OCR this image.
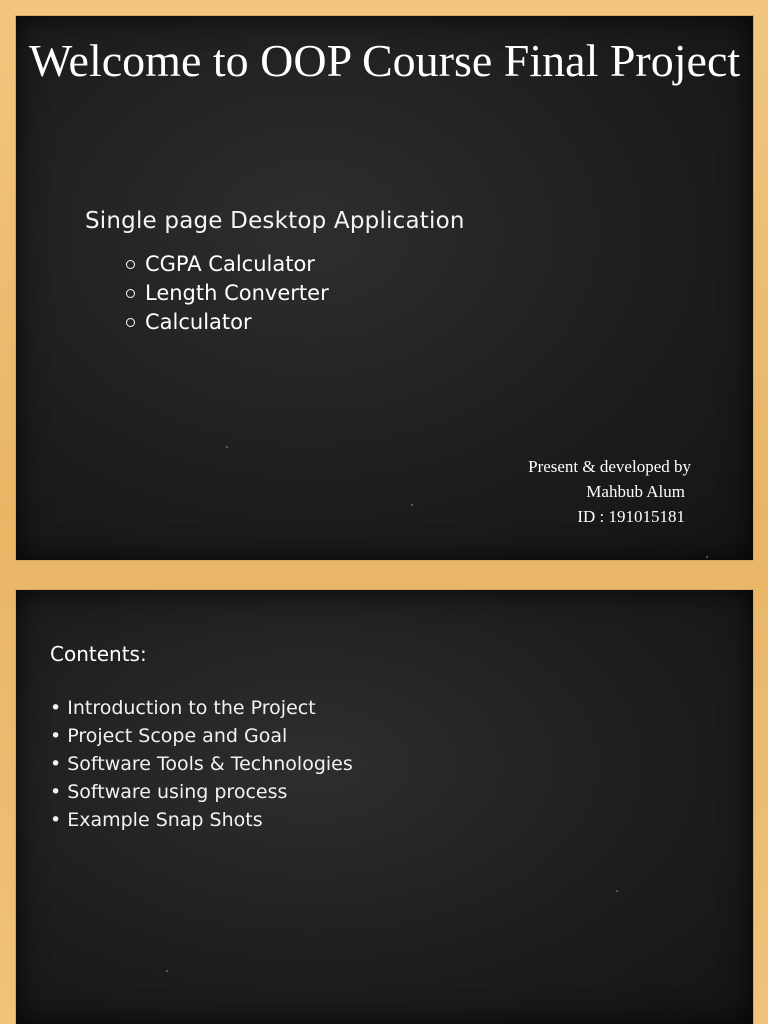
Welcome to OOP Course Final Project
Single page Desktop Application
CGPA Calculator
Length Converter
Calculator
Present & developed by
Mahbub Alum
ID : 191015181
Contents:
• Introduction to the Project
• Project Scope and Goal
• Software Tools & Technologies
• Software using process
• Example Snap Shots
